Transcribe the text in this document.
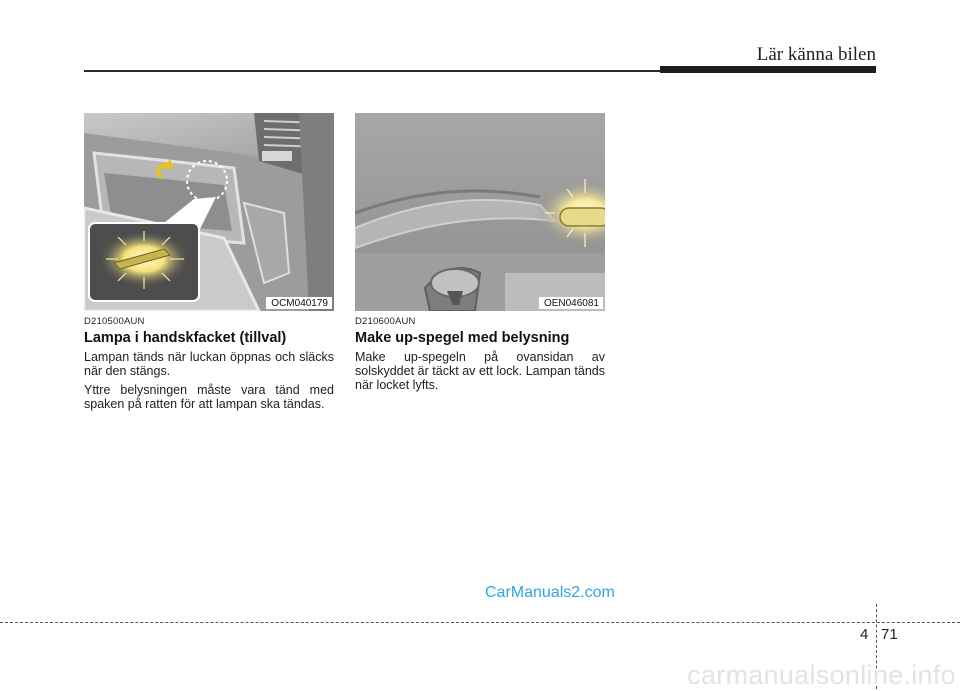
Lär känna bilen
OCM040179	OEN046081
D210500AUN
Lampa i handskfacket (tillval)

Lampan tänds när luckan öppnas och släcks när den stängs.

Yttre belysningen måste vara tänd med spaken på ratten för att lampan ska tändas.

D210600AUN
Make up-spegel med belysning

Make up-spegeln på ovansidan av solskyddet är täckt av ett lock. Lampan tänds när locket lyfts.

CarManuals2.com
4 71
carmanualsonline.info
